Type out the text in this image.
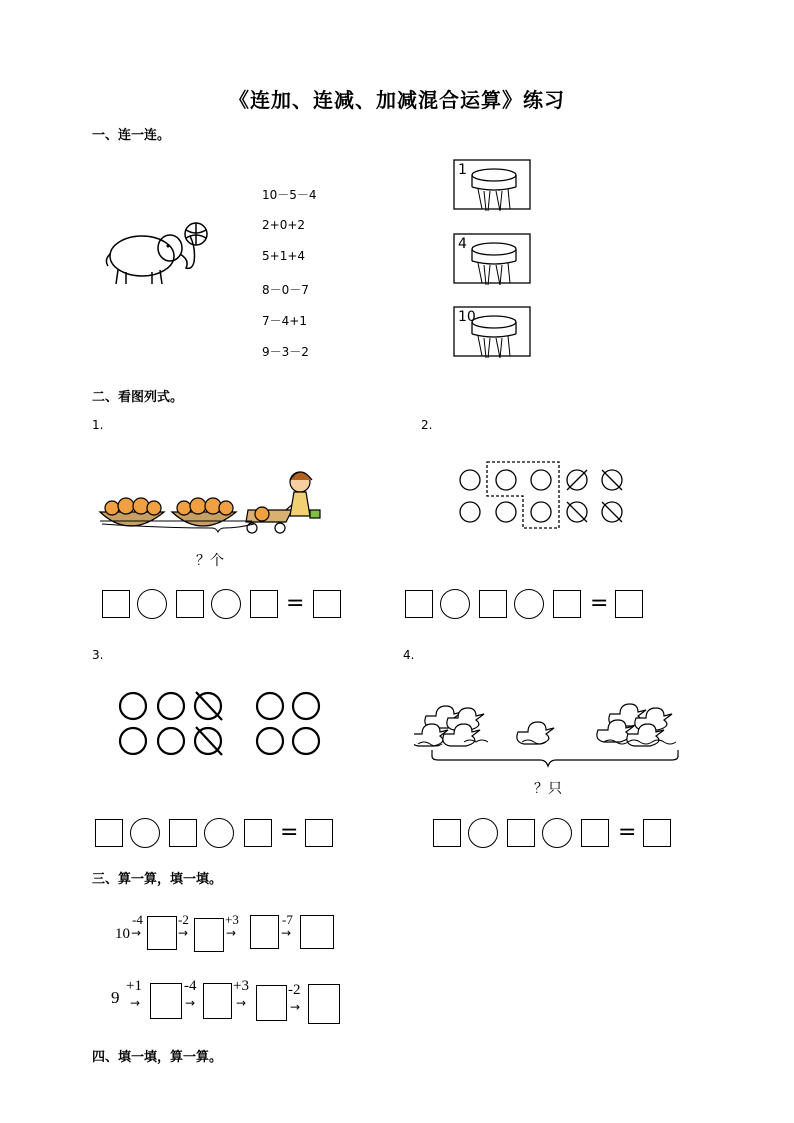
《连加、连减、加减混合运算》练习
一、连一连。
10－5－4
2+0+2
5+1+4
8－0－7
7－4+1
9－3－2
1
4
10
二、看图列式。
1.	2.
？个
=	=
3.	4.
？只
=	=
三、算一算，填一填。
10
-4
→
-2
→
+3
→
-7
→
9
+1
→
-4
→
+3
→
-2
→
四、填一填，算一算。
